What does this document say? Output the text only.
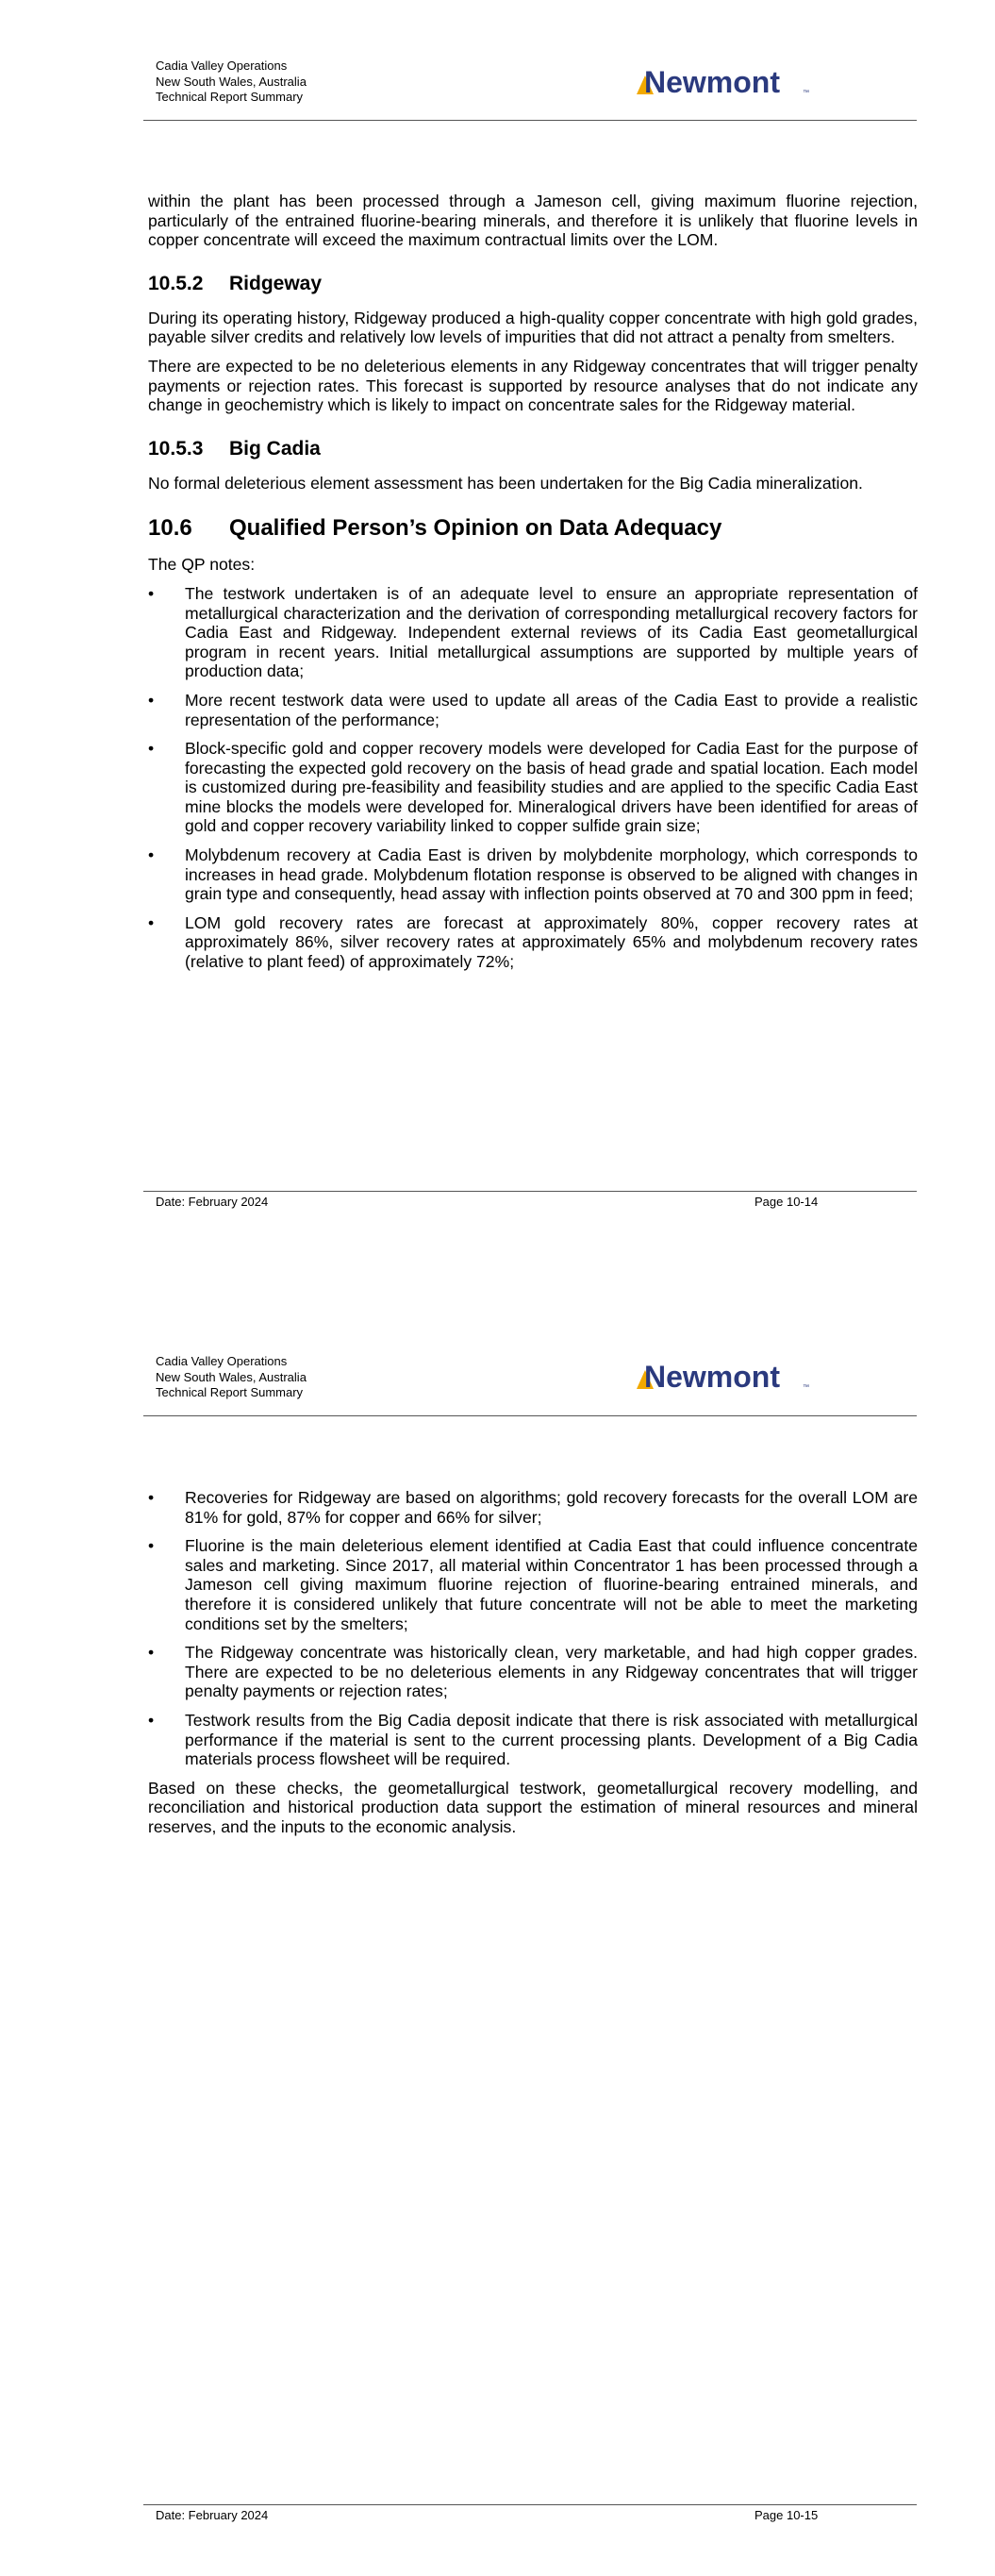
Cadia Valley Operations
New South Wales, Australia
Technical Report Summary	Newmont	™

within the plant has been processed through a Jameson cell, giving maximum fluorine rejection, particularly of the entrained fluorine-bearing minerals, and therefore it is unlikely that fluorine levels in copper concentrate will exceed the maximum contractual limits over the LOM.

10.5.2 Ridgeway

During its operating history, Ridgeway produced a high-quality copper concentrate with high gold grades, payable silver credits and relatively low levels of impurities that did not attract a penalty from smelters.

There are expected to be no deleterious elements in any Ridgeway concentrates that will trigger penalty payments or rejection rates. This forecast is supported by resource analyses that do not indicate any change in geochemistry which is likely to impact on concentrate sales for the Ridgeway material.

10.5.3 Big Cadia

No formal deleterious element assessment has been undertaken for the Big Cadia mineralization.

10.6 Qualified Person’s Opinion on Data Adequacy

The QP notes:

•	The testwork undertaken is of an adequate level to ensure an appropriate representation of metallurgical characterization and the derivation of corresponding metallurgical recovery factors for Cadia East and Ridgeway. Independent external reviews of its Cadia East geometallurgical program in recent years. Initial metallurgical assumptions are supported by multiple years of production data;
•	More recent testwork data were used to update all areas of the Cadia East to provide a realistic representation of the performance;
•	Block-specific gold and copper recovery models were developed for Cadia East for the purpose of forecasting the expected gold recovery on the basis of head grade and spatial location. Each model is customized during pre-feasibility and feasibility studies and are applied to the specific Cadia East mine blocks the models were developed for. Mineralogical drivers have been identified for areas of gold and copper recovery variability linked to copper sulfide grain size;
•	Molybdenum recovery at Cadia East is driven by molybdenite morphology, which corresponds to increases in head grade. Molybdenum flotation response is observed to be aligned with changes in grain type and consequently, head assay with inflection points observed at 70 and 300 ppm in feed;
•	LOM gold recovery rates are forecast at approximately 80%, copper recovery rates at approximately 86%, silver recovery rates at approximately 65% and molybdenum recovery rates (relative to plant feed) of approximately 72%;
Date: February 2024	Page 10-14
Cadia Valley Operations
New South Wales, Australia
Technical Report Summary	Newmont	™
•	Recoveries for Ridgeway are based on algorithms; gold recovery forecasts for the overall LOM are 81% for gold, 87% for copper and 66% for silver;
•	Fluorine is the main deleterious element identified at Cadia East that could influence concentrate sales and marketing. Since 2017, all material within Concentrator 1 has been processed through a Jameson cell giving maximum fluorine rejection of fluorine-bearing entrained minerals, and therefore it is considered unlikely that future concentrate will not be able to meet the marketing conditions set by the smelters;
•	The Ridgeway concentrate was historically clean, very marketable, and had high copper grades. There are expected to be no deleterious elements in any Ridgeway concentrates that will trigger penalty payments or rejection rates;
•	Testwork results from the Big Cadia deposit indicate that there is risk associated with metallurgical performance if the material is sent to the current processing plants. Development of a Big Cadia materials process flowsheet will be required.

Based on these checks, the geometallurgical testwork, geometallurgical recovery modelling, and reconciliation and historical production data support the estimation of mineral resources and mineral reserves, and the inputs to the economic analysis.

Date: February 2024	Page 10-15
